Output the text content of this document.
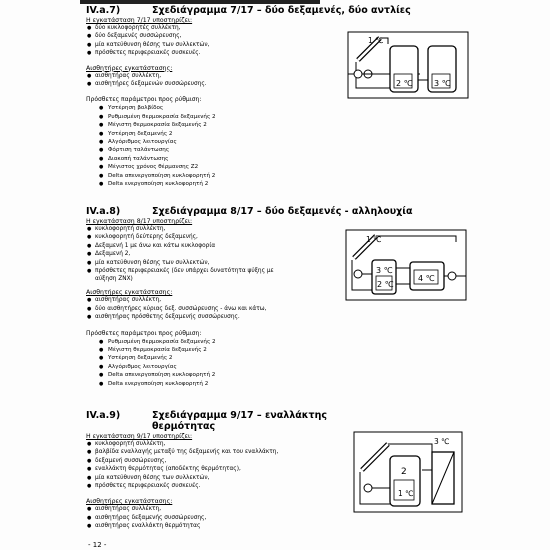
IV.a.7)	Σχεδιάγραμμα 7/17 – δύο δεξαμενές, δύο αντλίες
Η εγκατάσταση 7/17 υποστηρίζει:
● δύο κυκλοφορητές συλλέκτη,
● δύο δεξαμενές συσσώρευσης,
● μία κατεύθυνση θέσης των συλλεκτών,
● πρόσθετες περιφερειακές συσκευές.
Αισθητήρες εγκατάστασης:
● αισθητήρας συλλέκτη,
● αισθητήρες δεξαμενών συσσώρευσης.
Πρόσθετες παράμετροι προς ρύθμιση:
● Υστέρηση βολβίδος
● Ρυθμισμένη θερμοκρασία δεξαμενής 2
● Μέγιστη θερμοκρασία δεξαμενής 2
● Υστέρηση δεξαμενής 2
● Αλγόριθμος λειτουργίας
● Φόρτιση ταλάντωσης
● Διακοπή ταλάντωσης
● Μέγιστος χρόνος θέρμανσης Z2
● Delta απενεργοποίηση κυκλοφορητή 2
● Delta ενεργοποίηση κυκλοφορητή 2
1 ℃
2 ℃	3 ℃
IV.a.8)	Σχεδιάγραμμα 8/17 – δύο δεξαμενές - αλληλουχία
Η εγκατάσταση 8/17 υποστηρίζει:
● κυκλοφορητή συλλέκτη,
● κυκλοφορητή δεύτερης δεξαμενής,
● Δεξαμενή 1 με άνω και κάτω κυκλοφορία
● Δεξαμενή 2,
● μία κατεύθυνση θέσης των συλλεκτών,
● πρόσθετες περιφερειακές (δεν υπάρχει δυνατότητα ψύξης με
αύξηση ΖΝΧ)
Αισθητήρες εγκατάστασης:
● αισθητήρας συλλέκτη,
● δύο αισθητήρες κύριας δεξ. συσσώρευσης - άνω και κάτω,
● αισθητήρας πρόσθετης δεξαμενής συσσώρευσης.
Πρόσθετες παράμετροι προς ρύθμιση:
● Ρυθμισμένη θερμοκρασία δεξαμενής 2
● Μέγιστη θερμοκρασία δεξαμενής 2
● Υστέρηση δεξαμενής 2
● Αλγόριθμος λειτουργίας
● Delta απενεργοποίηση κυκλοφορητή 2
● Delta ενεργοποίηση κυκλοφορητή 2
1 ℃
3 ℃
2 ℃
4 ℃
IV.a.9)	Σχεδιάγραμμα 9/17 – εναλλάκτης
θερμότητας
Η εγκατάσταση 9/17 υποστηρίζει:
● κυκλοφορητή συλλέκτη,
● βαλβίδα εναλλαγής μεταξύ της δεξαμενής και του εναλλάκτη,
● δεξαμενή συσσώρευσης,
● εναλλάκτη θερμότητας (αποδέκτης θερμότητας),
● μία κατεύθυνση θέσης των συλλεκτών,
● πρόσθετες περιφερειακές συσκευές.
Αισθητήρες εγκατάστασης:
● αισθητήρας συλλέκτη,
● αισθητήρας δεξαμενής συσσώρευσης,
● αισθητήρας εναλλάκτη θερμότητας
3 ℃
2
1 ℃
- 12 -
